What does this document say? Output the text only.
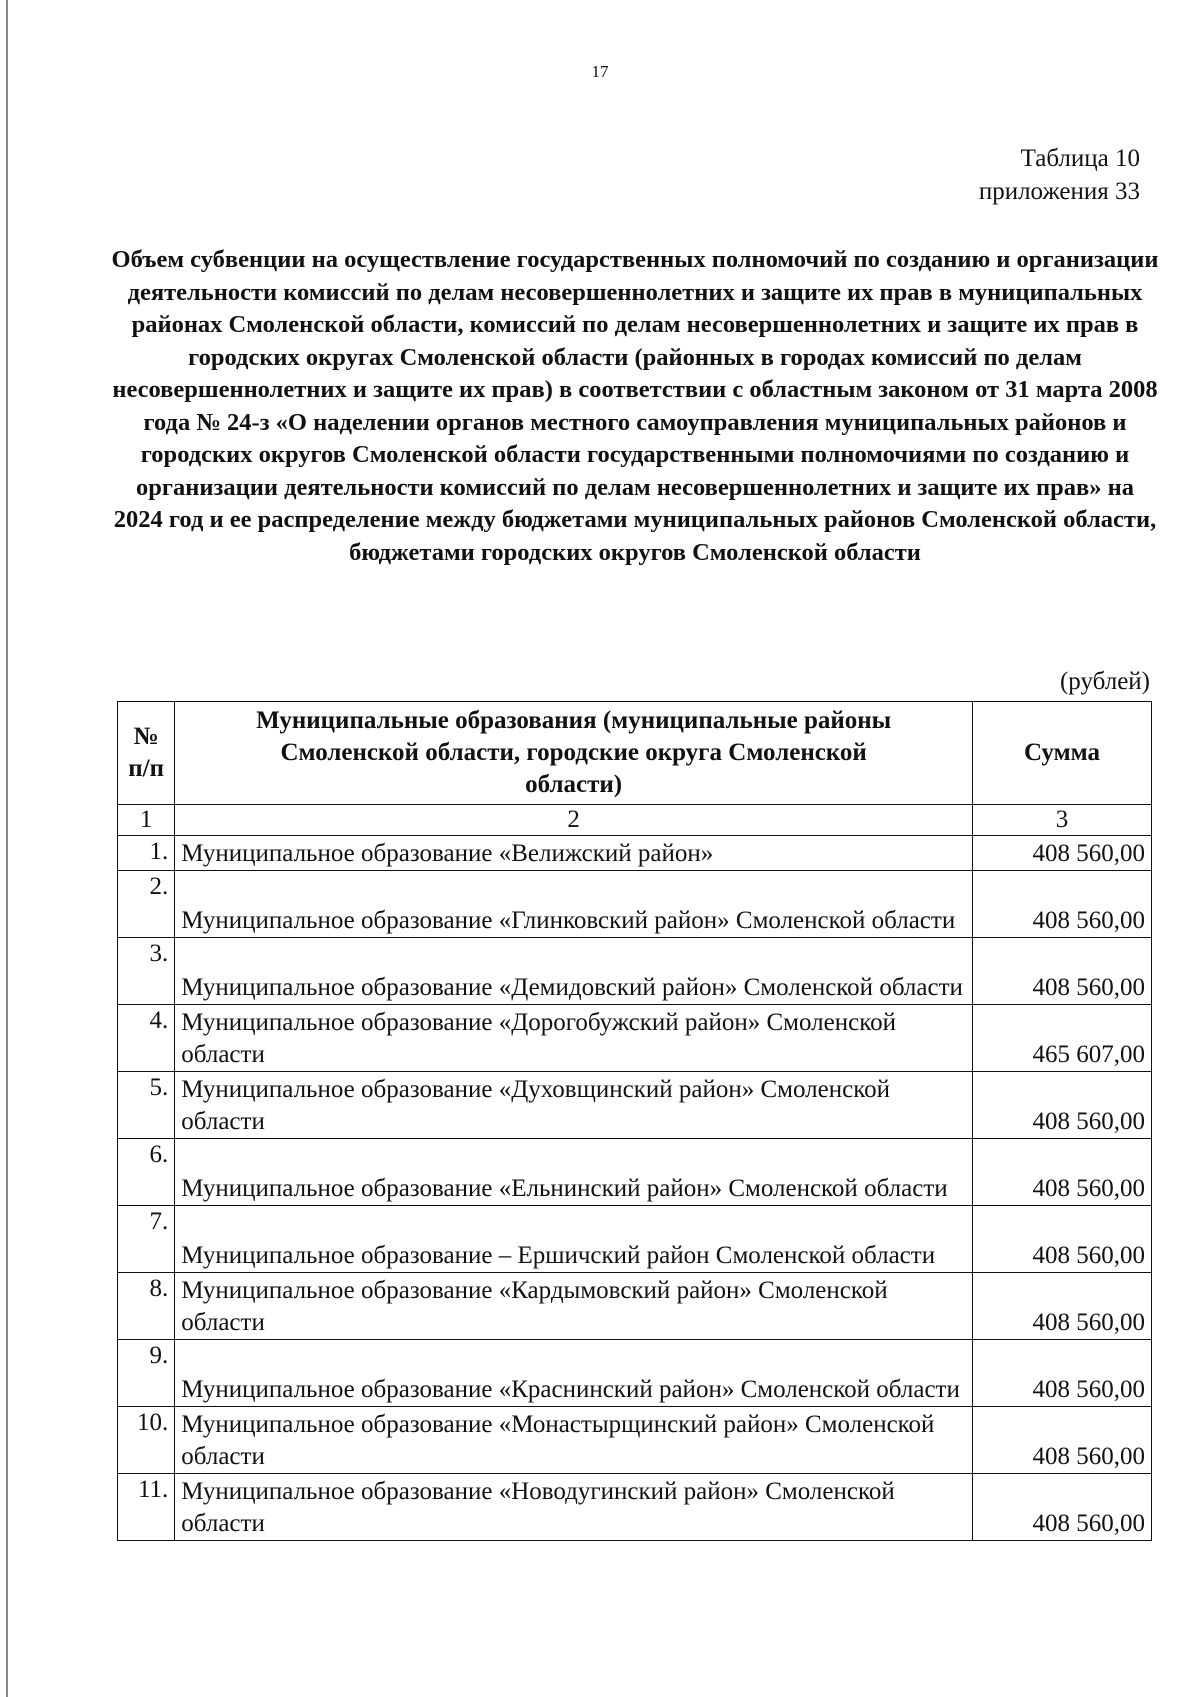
17
Таблица 10
приложения 33
Объем субвенции на осуществление государственных полномочий по созданию и организации деятельности комиссий по делам несовершеннолетних и защите их прав в муниципальных районах Смоленской области, комиссий по делам несовершеннолетних и защите их прав в городских округах Смоленской области (районных в городах комиссий по делам несовершеннолетних и защите их прав) в соответствии с областным законом от 31 марта 2008 года № 24-з «О наделении органов местного самоуправления муниципальных районов и городских округов Смоленской области государственными полномочиями по созданию и организации деятельности комиссий по делам несовершеннолетних и защите их прав» на 2024 год и ее распределение между бюджетами муниципальных районов Смоленской области, бюджетами городских округов Смоленской области
(рублей)
№ п/п	Муниципальные образования (муниципальные районы Смоленской области, городские округа Смоленской области)	Сумма
1	2	3
1.	Муниципальное образование «Велижский район»	408 560,00
2.	Муниципальное образование «Глинковский район» Смоленской области	408 560,00
3.	Муниципальное образование «Демидовский район» Смоленской области	408 560,00
4.	Муниципальное образование «Дорогобужский район» Смоленской области	465 607,00
5.	Муниципальное образование «Духовщинский район» Смоленской области	408 560,00
6.	Муниципальное образование «Ельнинский район» Смоленской области	408 560,00
7.	Муниципальное образование – Ершичский район Смоленской области	408 560,00
8.	Муниципальное образование «Кардымовский район» Смоленской области	408 560,00
9.	Муниципальное образование «Краснинский район» Смоленской области	408 560,00
10.	Муниципальное образование «Монастырщинский район» Смоленской области	408 560,00
11.	Муниципальное образование «Новодугинский район» Смоленской области	408 560,00
